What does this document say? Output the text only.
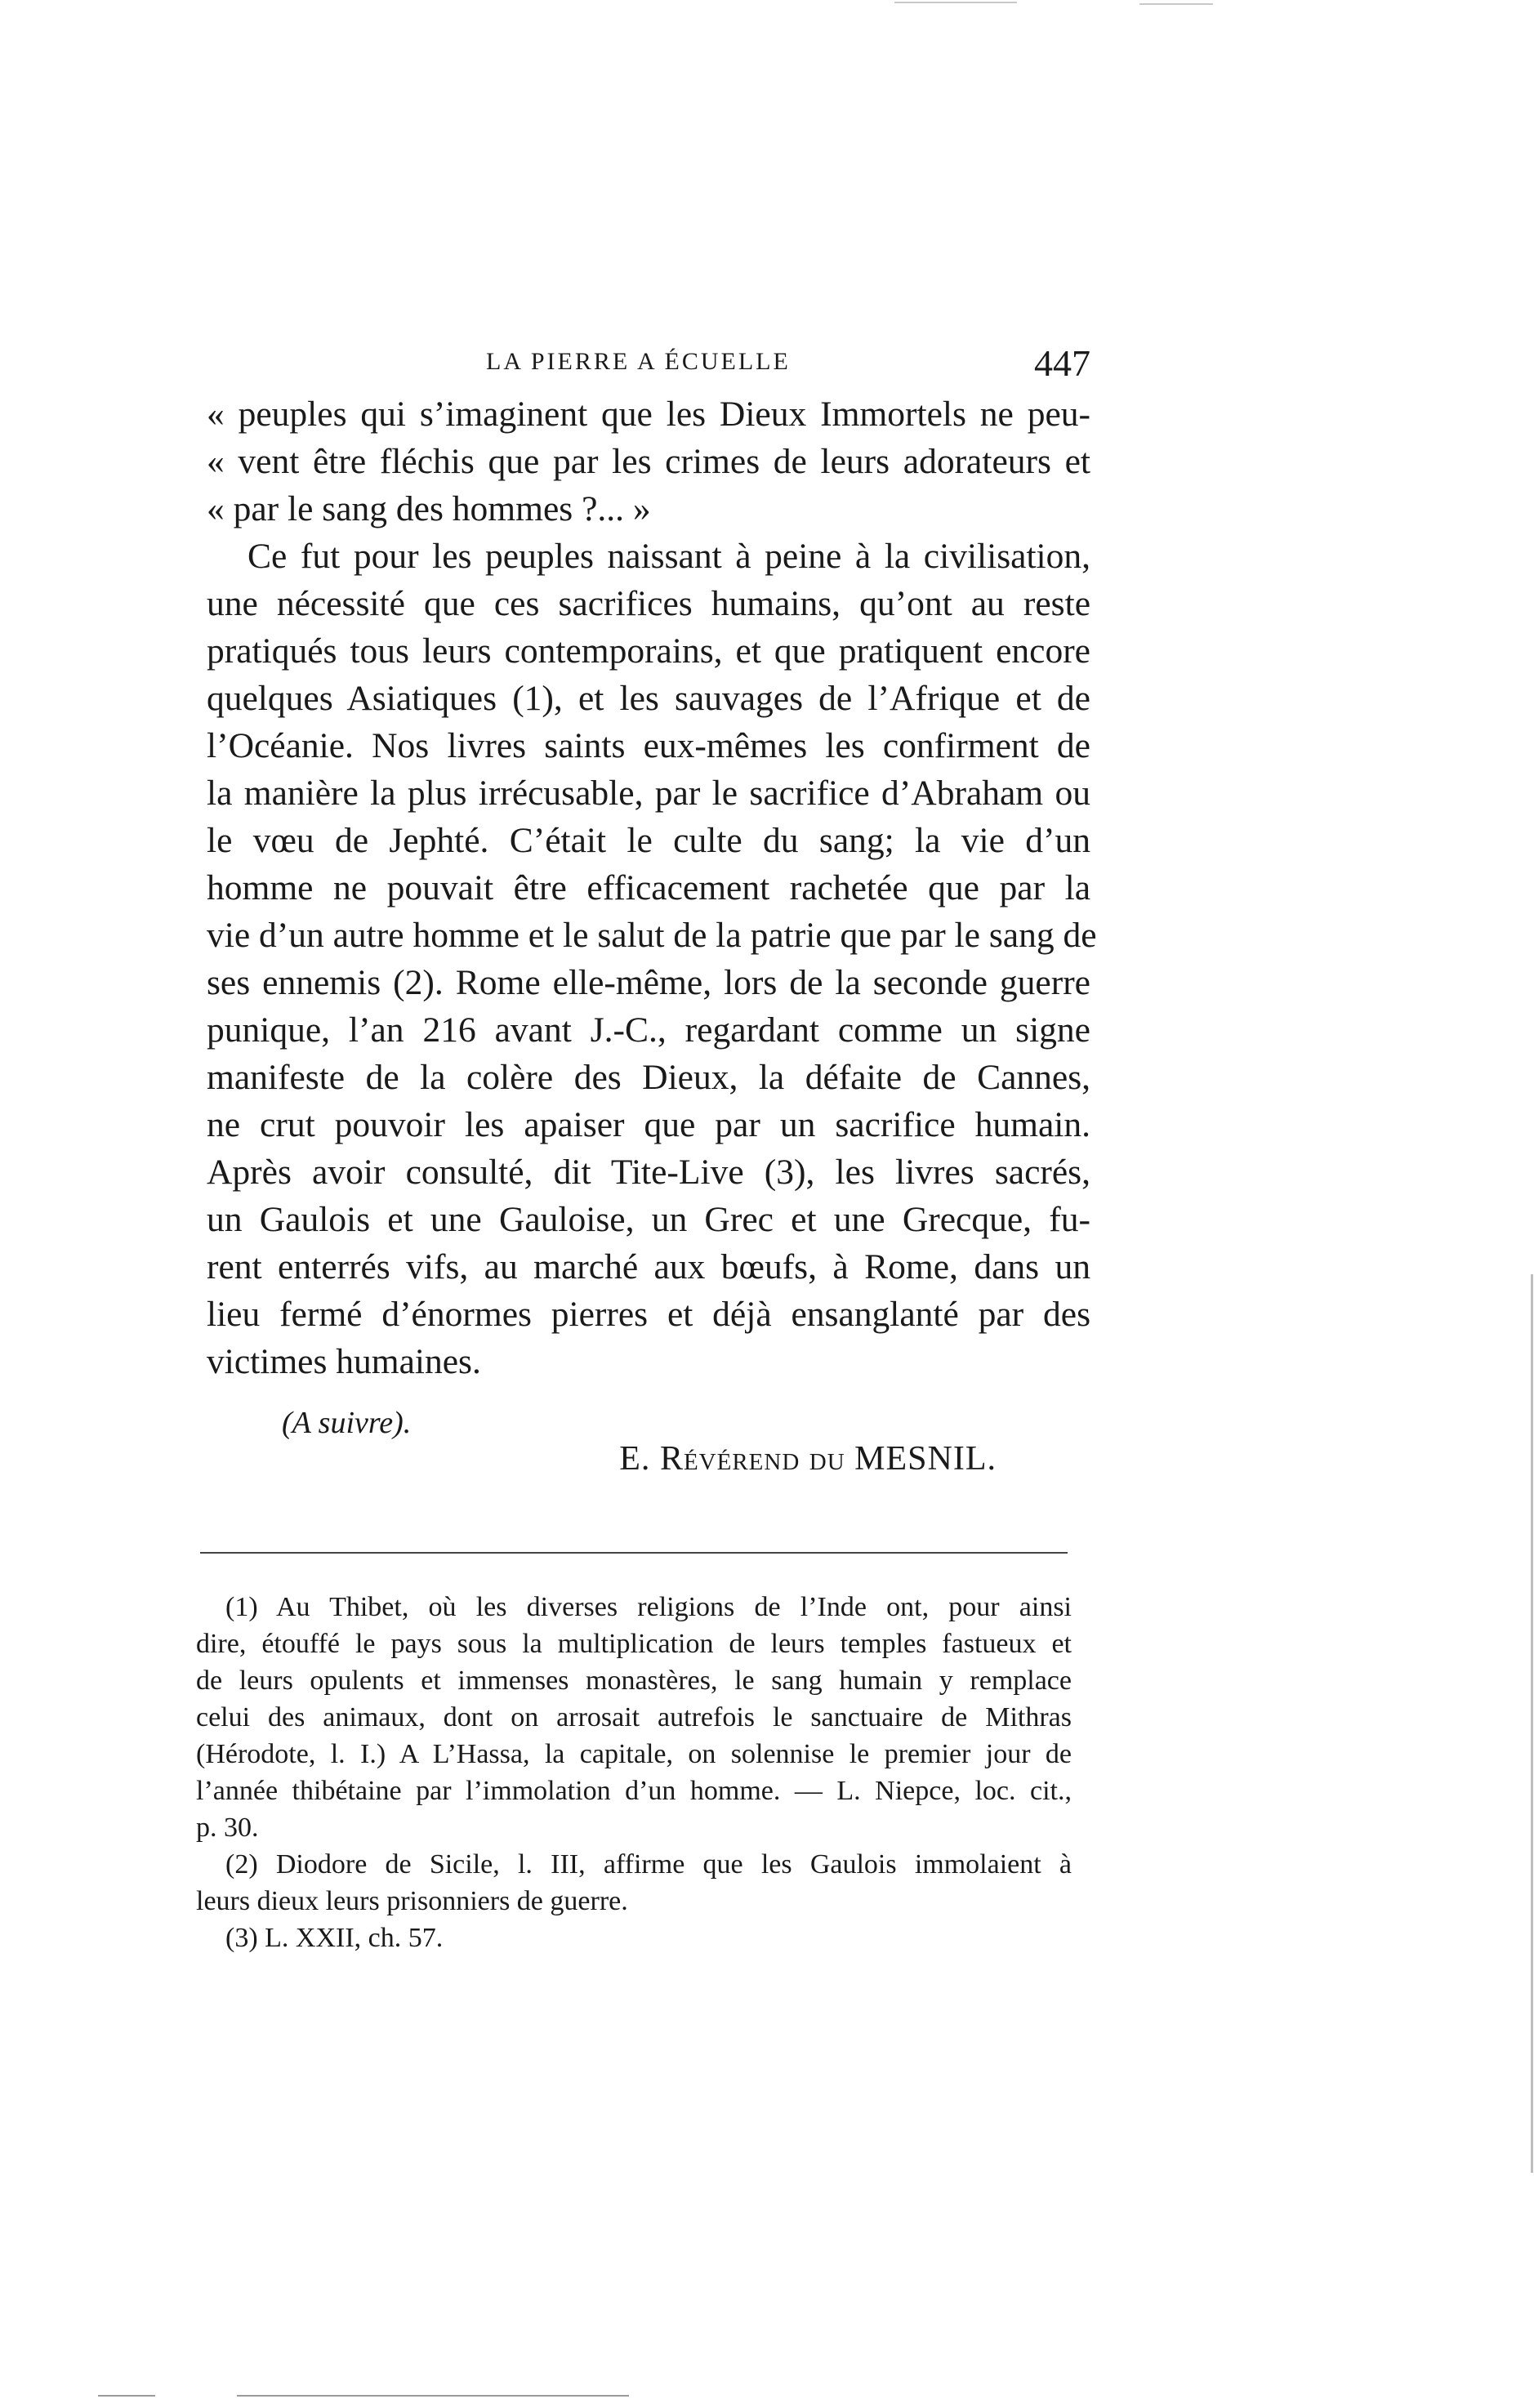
LA PIERRE A ÉCUELLE	447
« peuples qui s’imaginent que les Dieux Immortels ne peu-
« vent être fléchis que par les crimes de leurs adorateurs et
« par le sang des hommes ?... »
Ce fut pour les peuples naissant à peine à la civilisation,
une nécessité que ces sacrifices humains, qu’ont au reste
pratiqués tous leurs contemporains, et que pratiquent encore
quelques Asiatiques (1), et les sauvages de l’Afrique et de
l’Océanie. Nos livres saints eux-mêmes les confirment de
la manière la plus irrécusable, par le sacrifice d’Abraham ou
le vœu de Jephté. C’était le culte du sang; la vie d’un
homme ne pouvait être efficacement rachetée que par la
vie d’un autre homme et le salut de la patrie que par le sang de
ses ennemis (2). Rome elle-même, lors de la seconde guerre
punique, l’an 216 avant J.-C., regardant comme un signe
manifeste de la colère des Dieux, la défaite de Cannes,
ne crut pouvoir les apaiser que par un sacrifice humain.
Après avoir consulté, dit Tite-Live (3), les livres sacrés,
un Gaulois et une Gauloise, un Grec et une Grecque, fu-
rent enterrés vifs, au marché aux bœufs, à Rome, dans un
lieu fermé d’énormes pierres et déjà ensanglanté par des
victimes humaines.
(A suivre).
E. Révérend du MESNIL.
(1) Au Thibet, où les diverses religions de l’Inde ont, pour ainsi
dire, étouffé le pays sous la multiplication de leurs temples fastueux et
de leurs opulents et immenses monastères, le sang humain y remplace
celui des animaux, dont on arrosait autrefois le sanctuaire de Mithras
(Hérodote, l. I.) A L’Hassa, la capitale, on solennise le premier jour de
l’année thibétaine par l’immolation d’un homme. — L. Niepce, loc. cit.,
p. 30.
(2) Diodore de Sicile, l. III, affirme que les Gaulois immolaient à
leurs dieux leurs prisonniers de guerre.
(3) L. XXII, ch. 57.
